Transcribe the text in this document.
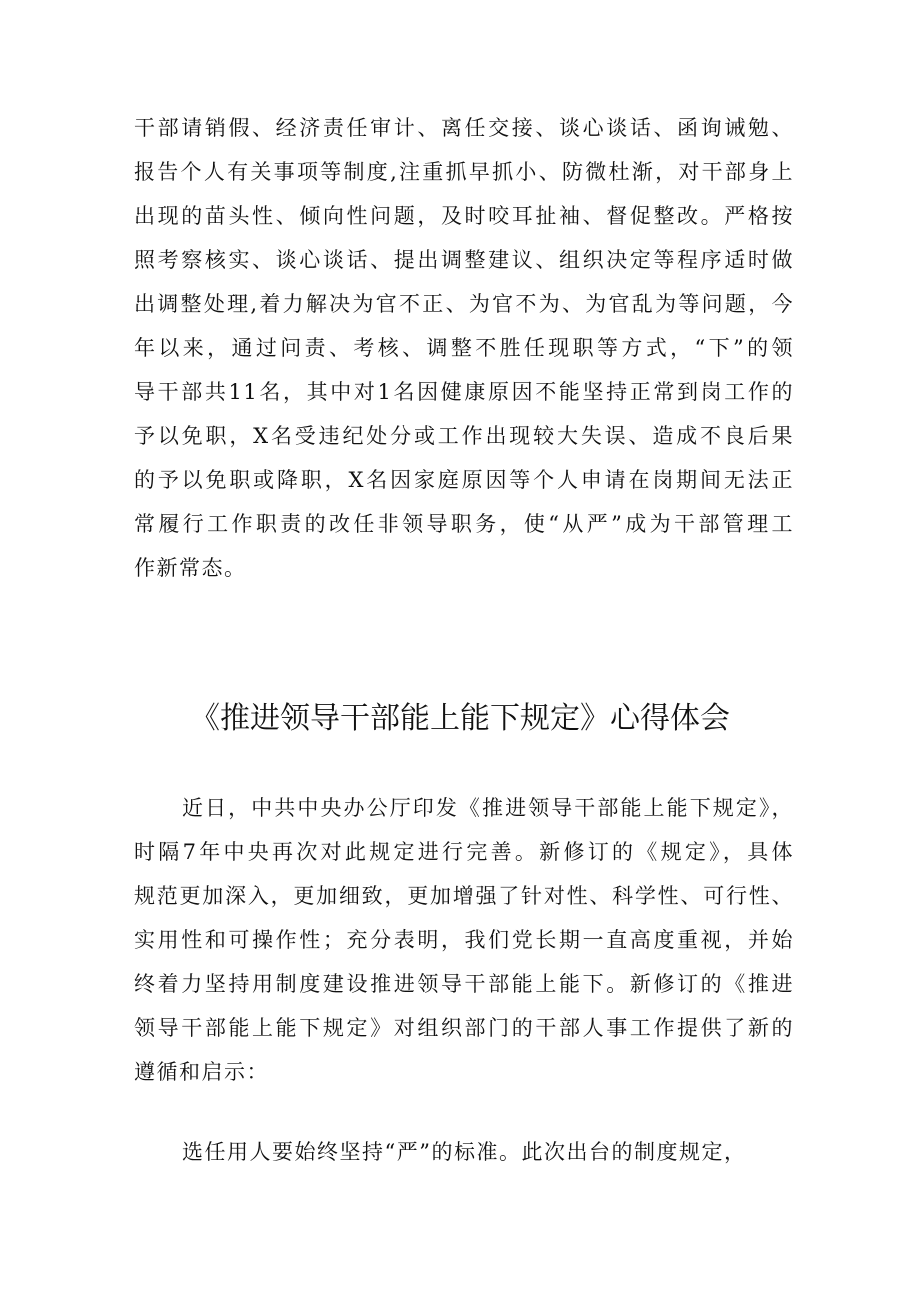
干部请销假、经济责任审计、离任交接、谈心谈话、函询诫勉、
报告个人有关事项等制度,注重抓早抓小、防微杜渐，对干部身上
出现的苗头性、倾向性问题，及时咬耳扯袖、督促整改。严格按
照考察核实、谈心谈话、提出调整建议、组织决定等程序适时做
出调整处理,着力解决为官不正、为官不为、为官乱为等问题，今
年以来，通过问责、考核、调整不胜任现职等方式，“下”的领
导干部共11名，其中对1名因健康原因不能坚持正常到岗工作的
予以免职，X名受违纪处分或工作出现较大失误、造成不良后果
的予以免职或降职，X名因家庭原因等个人申请在岗期间无法正
常履行工作职责的改任非领导职务，使“从严”成为干部管理工
作新常态。
《推进领导干部能上能下规定》心得体会
近日，中共中央办公厅印发《推进领导干部能上能下规定》，
时隔7年中央再次对此规定进行完善。新修订的《规定》，具体
规范更加深入，更加细致，更加增强了针对性、科学性、可行性、
实用性和可操作性；充分表明，我们党长期一直高度重视，并始
终着力坚持用制度建设推进领导干部能上能下。新修订的《推进
领导干部能上能下规定》对组织部门的干部人事工作提供了新的
遵循和启示：
选任用人要始终坚持“严”的标准。此次出台的制度规定，
